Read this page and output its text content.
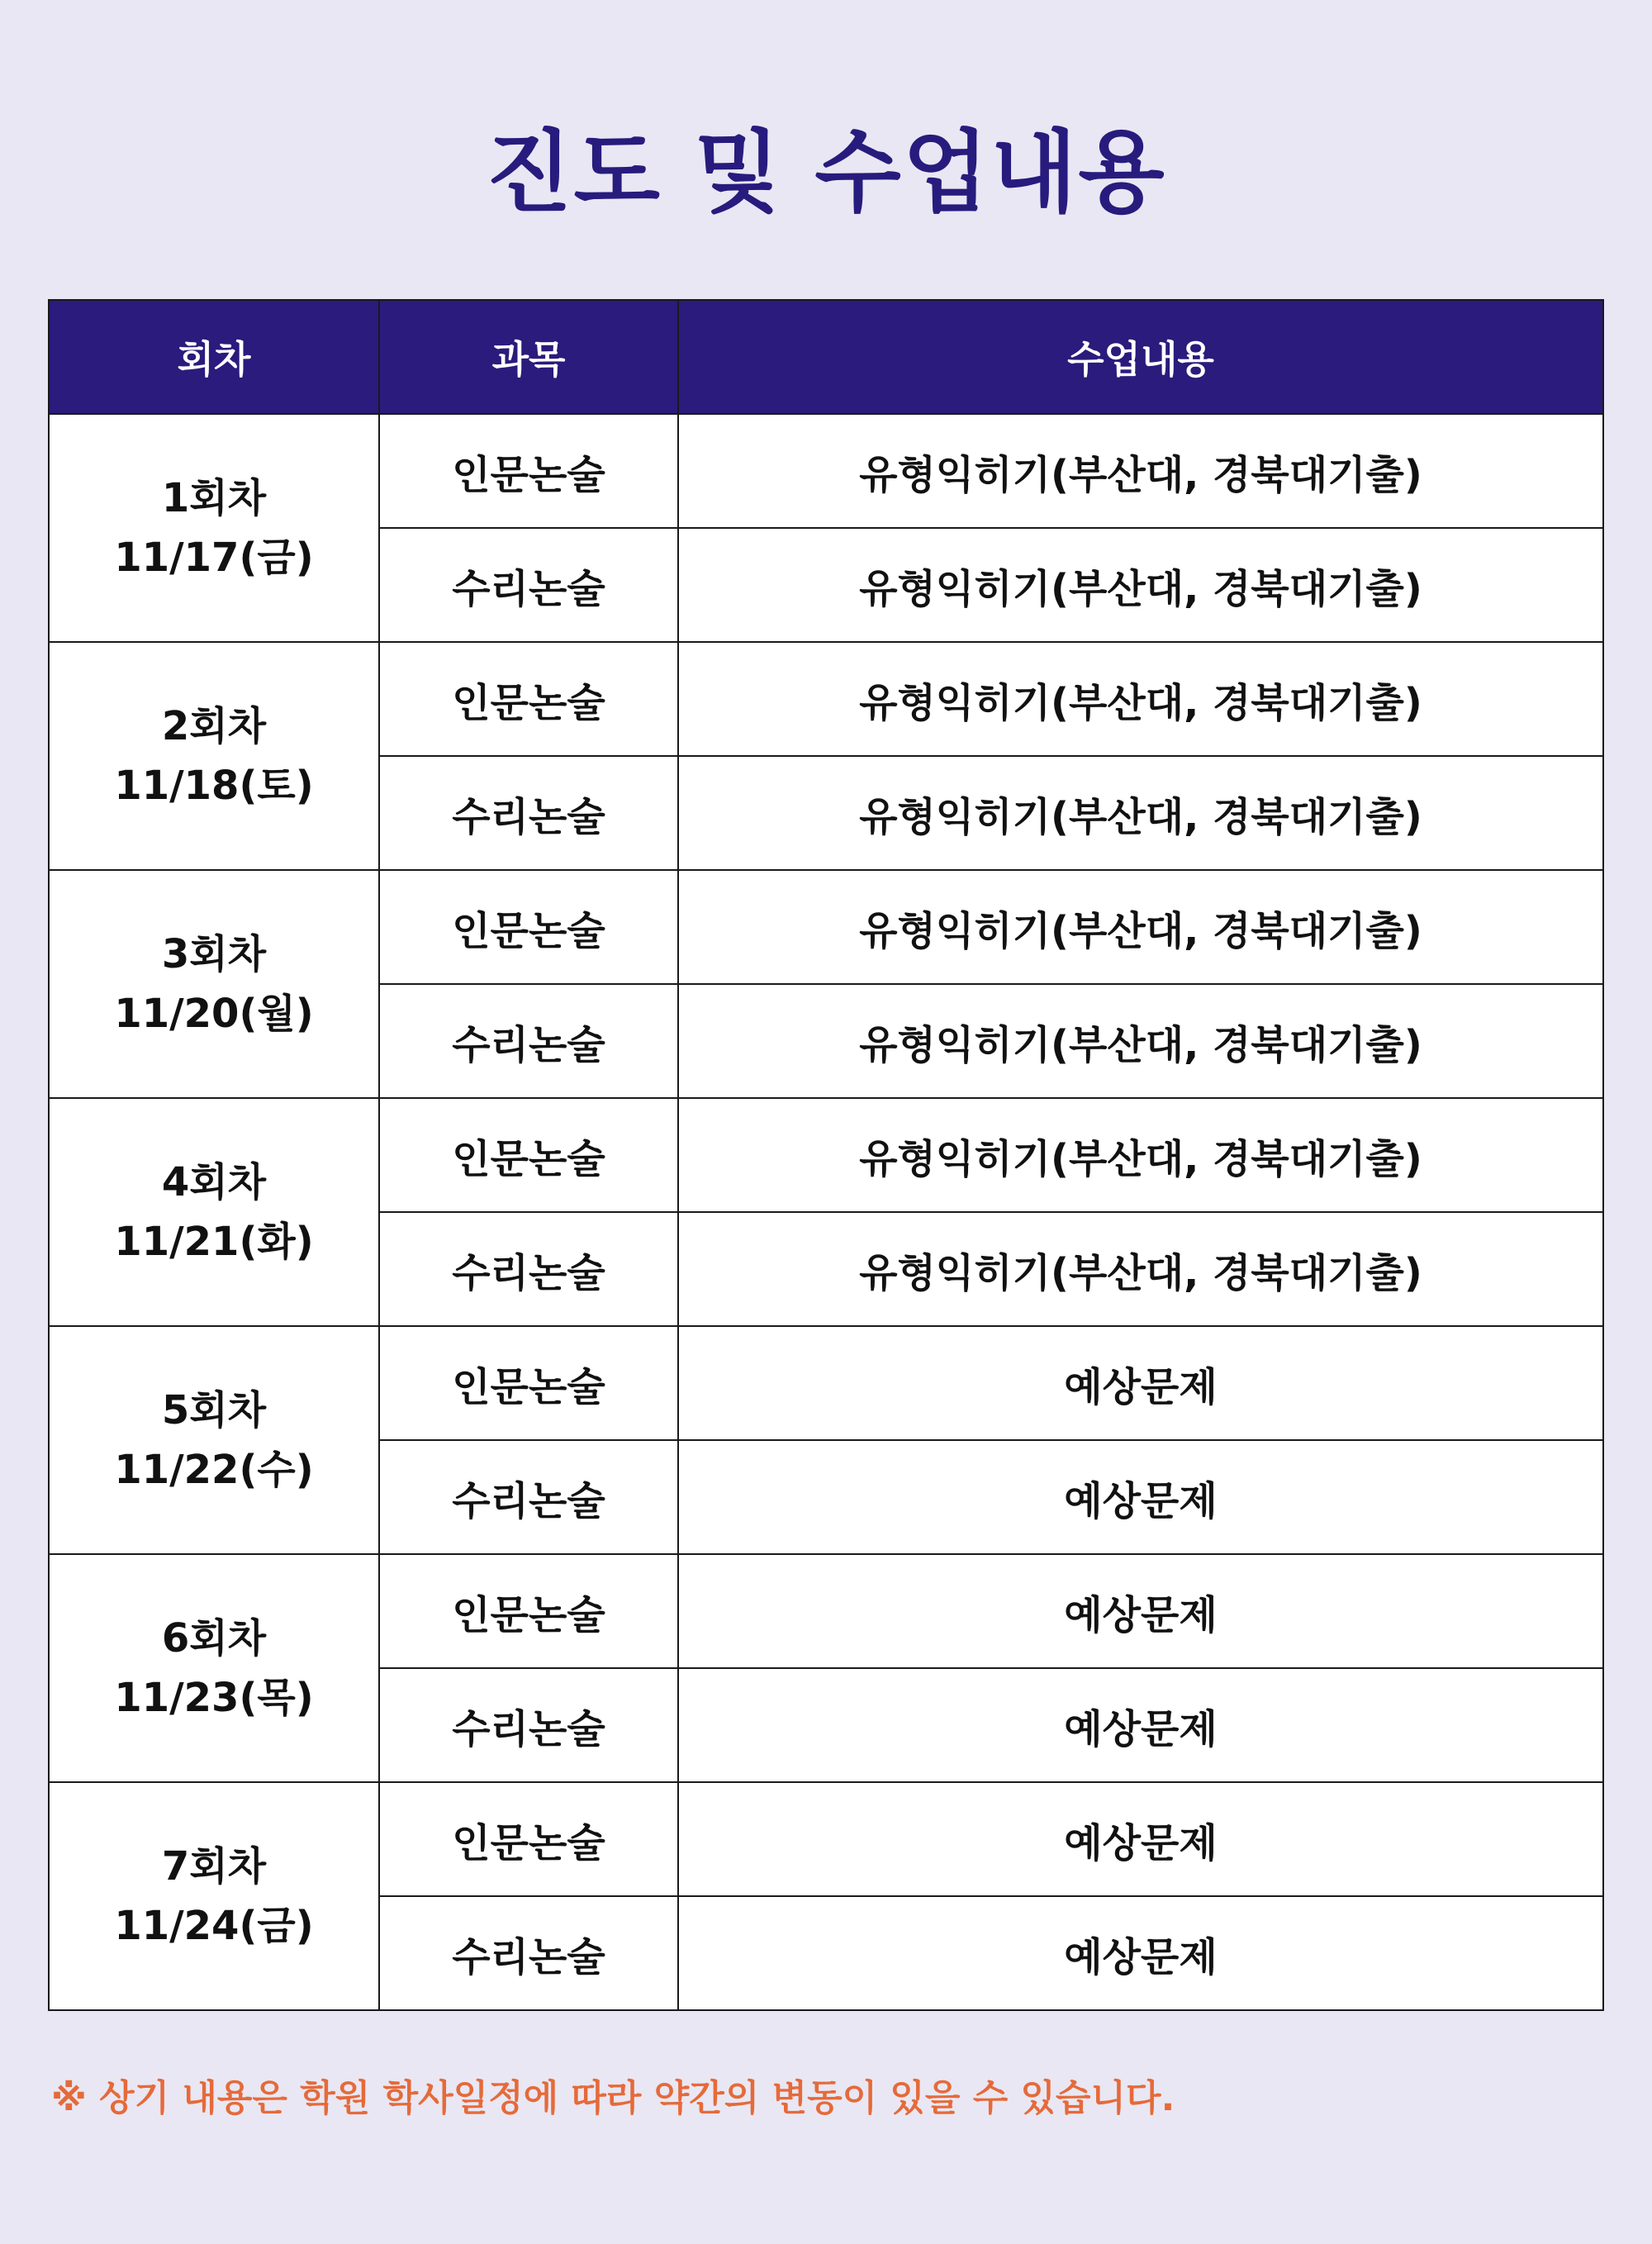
진도 및 수업내용
회차	과목	수업내용

1회차
11/17(금)	인문논술	유형익히기(부산대, 경북대기출)
	수리논술	유형익히기(부산대, 경북대기출)

2회차
11/18(토)	인문논술	유형익히기(부산대, 경북대기출)
	수리논술	유형익히기(부산대, 경북대기출)

3회차
11/20(월)	인문논술	유형익히기(부산대, 경북대기출)
	수리논술	유형익히기(부산대, 경북대기출)

4회차
11/21(화)	인문논술	유형익히기(부산대, 경북대기출)
	수리논술	유형익히기(부산대, 경북대기출)

5회차
11/22(수)	인문논술	예상문제
	수리논술	예상문제

6회차
11/23(목)	인문논술	예상문제
	수리논술	예상문제

7회차
11/24(금)	인문논술	예상문제
	수리논술	예상문제
※ 상기 내용은 학원 학사일정에 따라 약간의 변동이 있을 수 있습니다.
